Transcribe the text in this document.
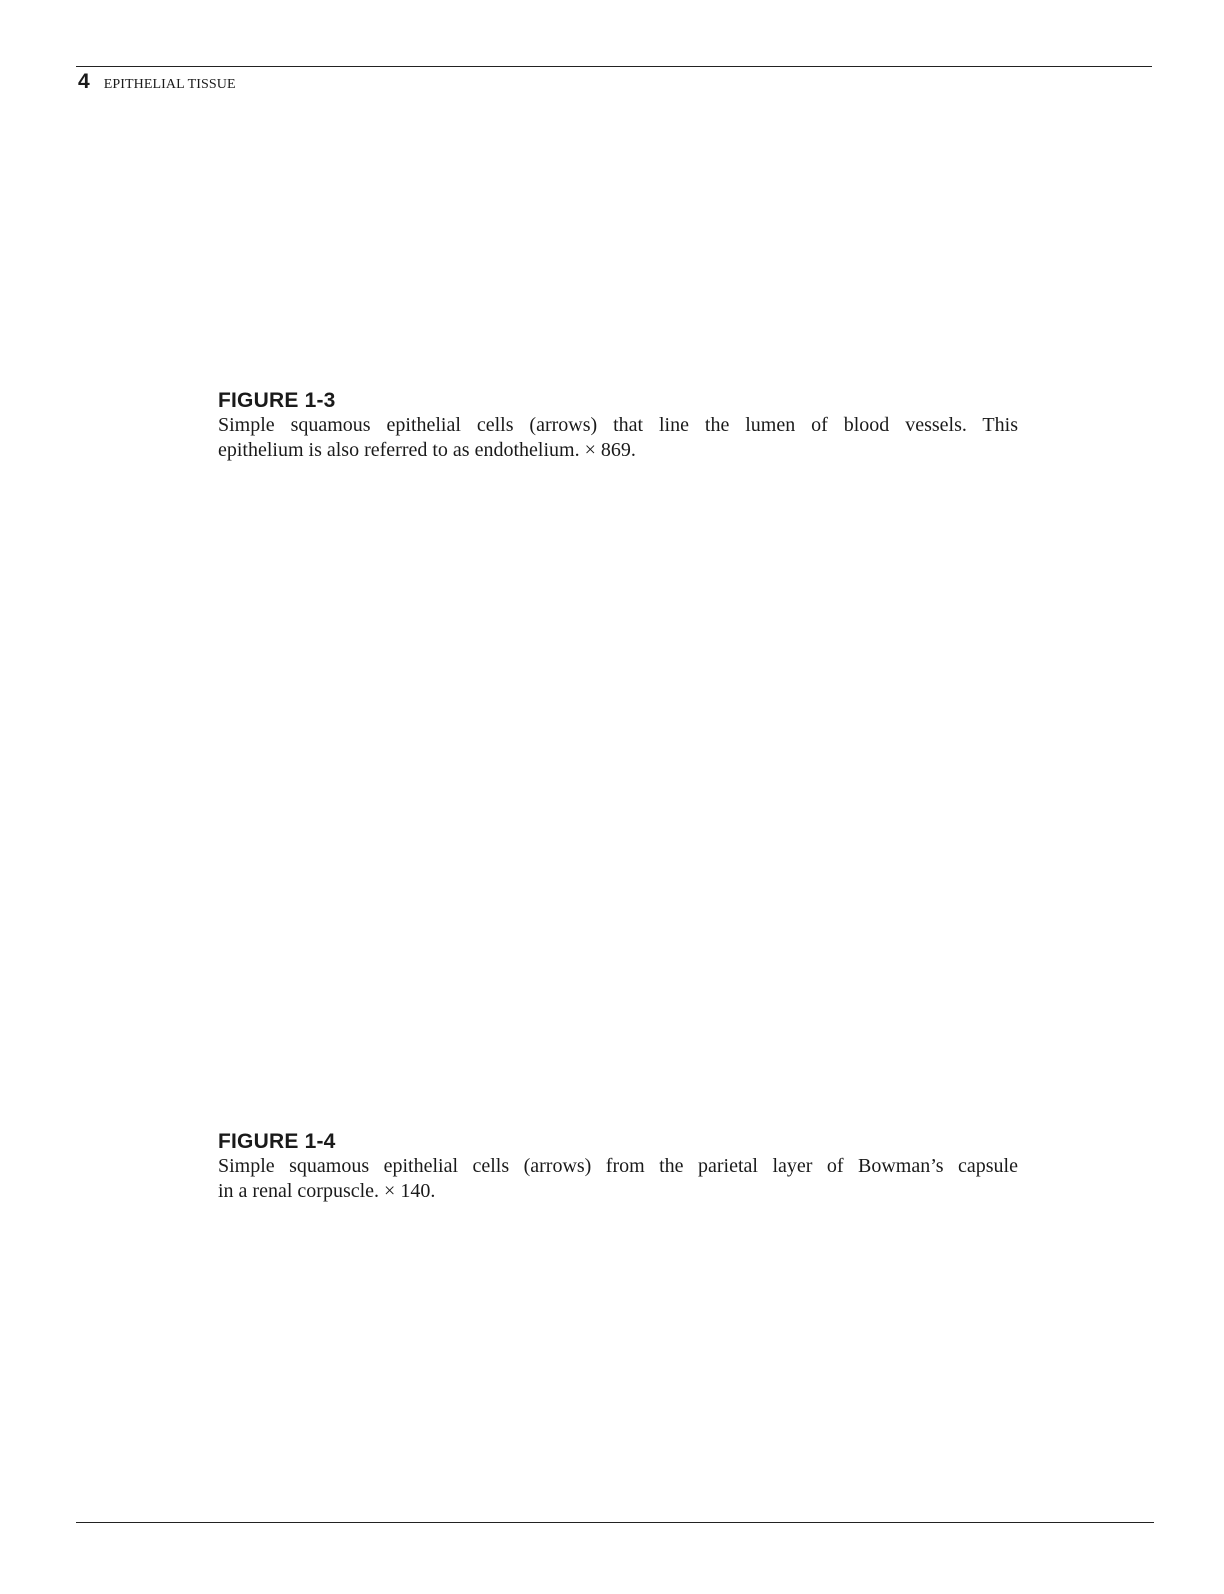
4 EPITHELIAL TISSUE

FIGURE 1-3

Simple squamous epithelial cells (arrows) that line the lumen of blood vessels. This
epithelium is also referred to as endothelium. × 869.

FIGURE 1-4

Simple squamous epithelial cells (arrows) from the parietal layer of Bowman’s capsule
in a renal corpuscle. × 140.
